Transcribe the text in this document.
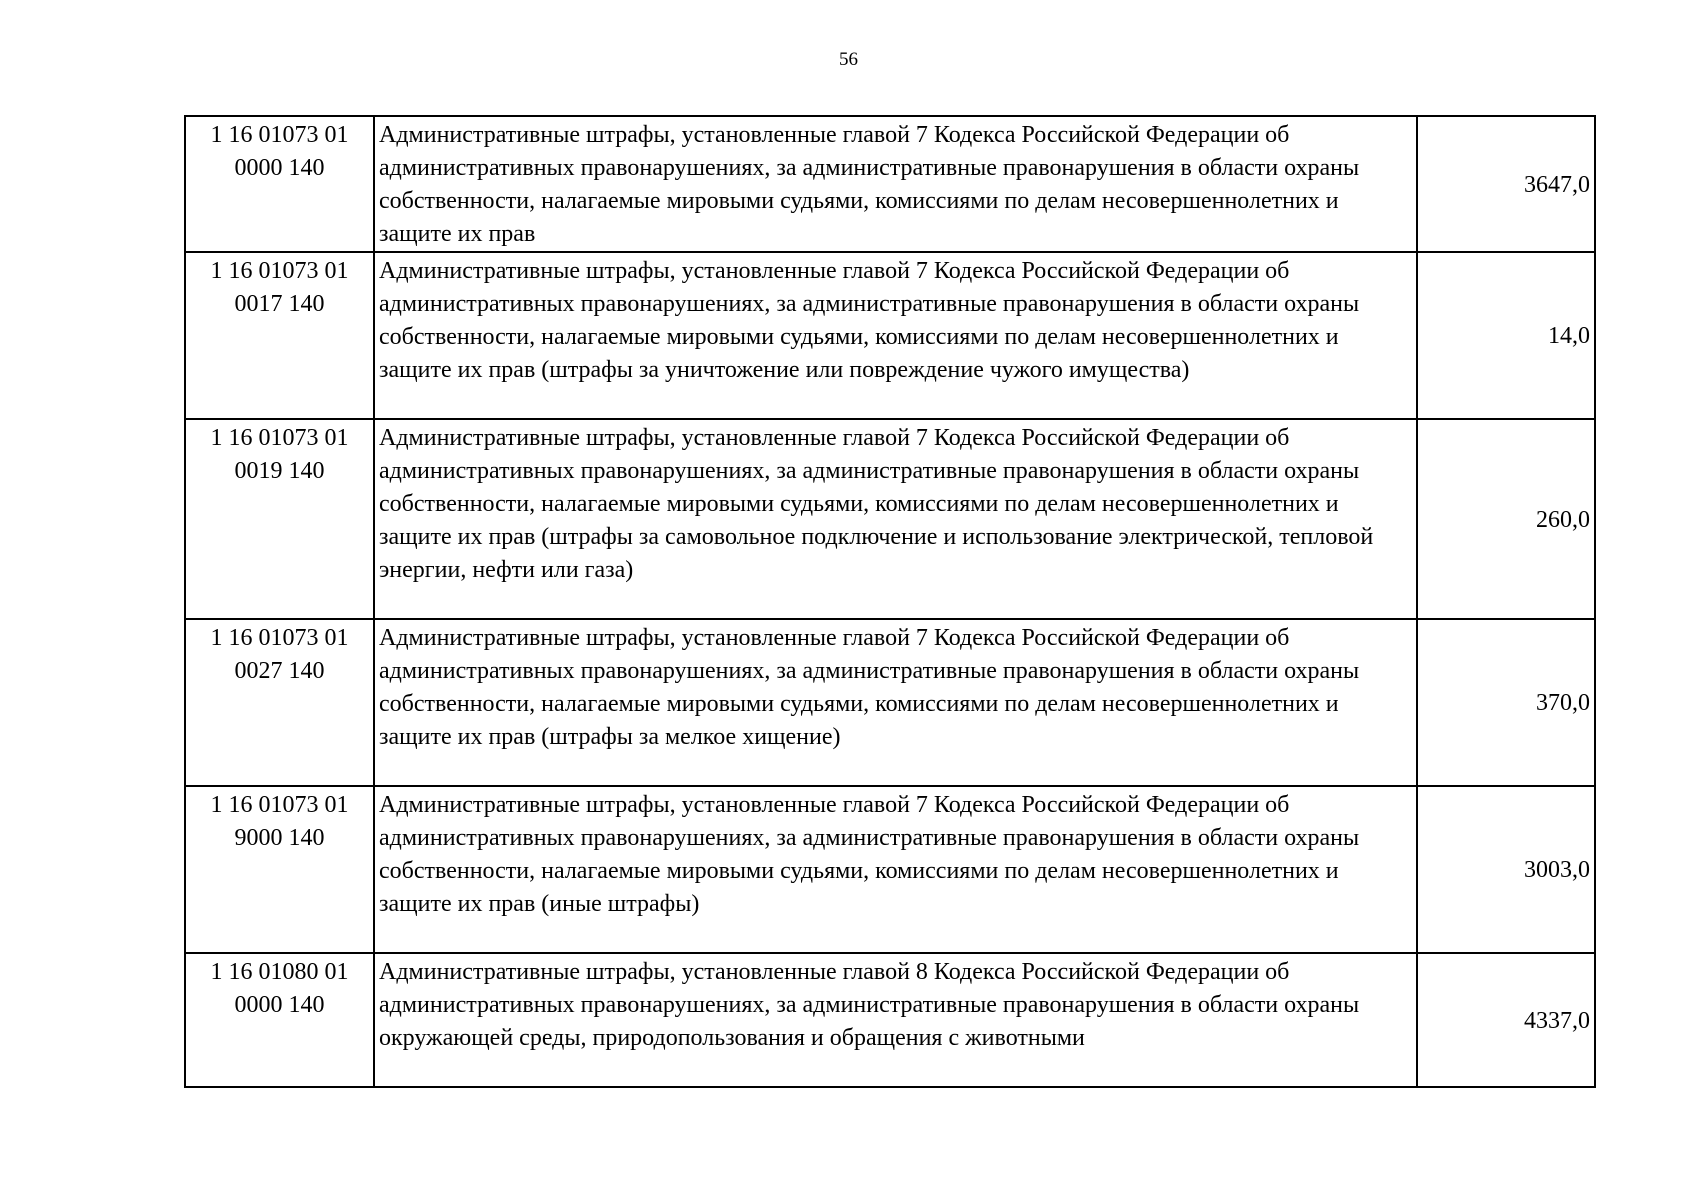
56
1 16 01073 01
0000 140	Административные штрафы, установленные главой 7 Кодекса Российской Федерации об административных правонарушениях, за административные правонарушения в области охраны собственности, налагаемые мировыми судьями, комиссиями по делам несовершеннолетних и защите их прав	3647,0

1 16 01073 01
0017 140	Административные штрафы, установленные главой 7 Кодекса Российской Федерации об административных правонарушениях, за административные правонарушения в области охраны собственности, налагаемые мировыми судьями, комиссиями по делам несовершеннолетних и защите их прав (штрафы за уничтожение или повреждение чужого имущества)	14,0

1 16 01073 01
0019 140	Административные штрафы, установленные главой 7 Кодекса Российской Федерации об административных правонарушениях, за административные правонарушения в области охраны собственности, налагаемые мировыми судьями, комиссиями по делам несовершеннолетних и защите их прав (штрафы за самовольное подключение и использование электрической, тепловой энергии, нефти или газа)	260,0

1 16 01073 01
0027 140	Административные штрафы, установленные главой 7 Кодекса Российской Федерации об административных правонарушениях, за административные правонарушения в области охраны собственности, налагаемые мировыми судьями, комиссиями по делам несовершеннолетних и защите их прав (штрафы за мелкое хищение)	370,0

1 16 01073 01
9000 140	Административные штрафы, установленные главой 7 Кодекса Российской Федерации об административных правонарушениях, за административные правонарушения в области охраны собственности, налагаемые мировыми судьями, комиссиями по делам несовершеннолетних и защите их прав (иные штрафы)	3003,0

1 16 01080 01
0000 140	Административные штрафы, установленные главой 8 Кодекса Российской Федерации об административных правонарушениях, за административные правонарушения в области охраны окружающей среды, природопользования и обращения с животными	4337,0
